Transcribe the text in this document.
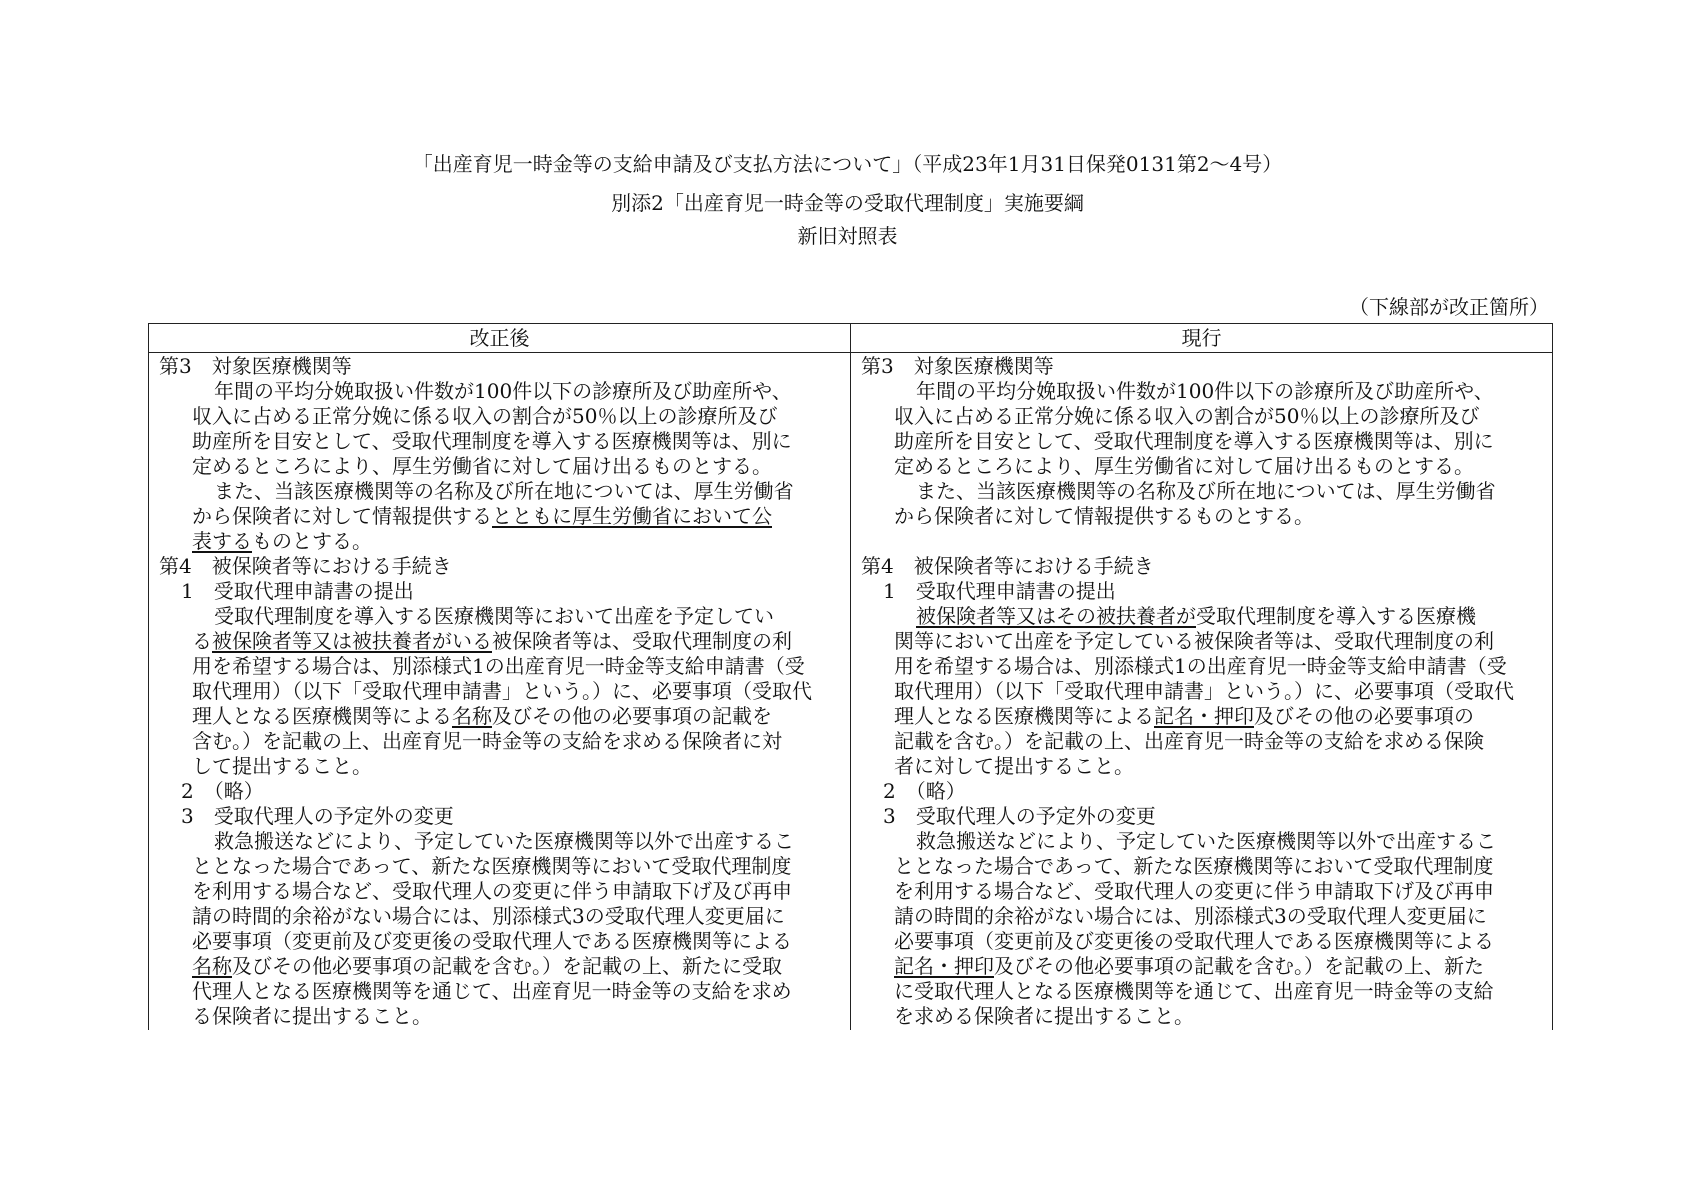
「出産育児一時金等の支給申請及び支払方法について」（平成23年1月31日保発0131第2～4号）
別添2「出産育児一時金等の受取代理制度」実施要綱
新旧対照表
（下線部が改正箇所）
改正後	現行
第3　対象医療機関等
年間の平均分娩取扱い件数が100件以下の診療所及び助産所や、
収入に占める正常分娩に係る収入の割合が50％以上の診療所及び
助産所を目安として、受取代理制度を導入する医療機関等は、別に
定めるところにより、厚生労働省に対して届け出るものとする。
また、当該医療機関等の名称及び所在地については、厚生労働省
から保険者に対して情報提供するとともに厚生労働省において公
表するものとする。
第4　被保険者等における手続き
1　受取代理申請書の提出
受取代理制度を導入する医療機関等において出産を予定してい
る被保険者等又は被扶養者がいる被保険者等は、受取代理制度の利
用を希望する場合は、別添様式1の出産育児一時金等支給申請書（受
取代理用）（以下「受取代理申請書」という。）に、必要事項（受取代
理人となる医療機関等による名称及びその他の必要事項の記載を
含む。）を記載の上、出産育児一時金等の支給を求める保険者に対
して提出すること。
2　（略）
3　受取代理人の予定外の変更
救急搬送などにより、予定していた医療機関等以外で出産するこ
ととなった場合であって、新たな医療機関等において受取代理制度
を利用する場合など、受取代理人の変更に伴う申請取下げ及び再申
請の時間的余裕がない場合には、別添様式3の受取代理人変更届に
必要事項（変更前及び変更後の受取代理人である医療機関等による
名称及びその他必要事項の記載を含む。）を記載の上、新たに受取
代理人となる医療機関等を通じて、出産育児一時金等の支給を求め
る保険者に提出すること。
第3　対象医療機関等
年間の平均分娩取扱い件数が100件以下の診療所及び助産所や、
収入に占める正常分娩に係る収入の割合が50％以上の診療所及び
助産所を目安として、受取代理制度を導入する医療機関等は、別に
定めるところにより、厚生労働省に対して届け出るものとする。
また、当該医療機関等の名称及び所在地については、厚生労働省
から保険者に対して情報提供するものとする。
第4　被保険者等における手続き
1　受取代理申請書の提出
被保険者等又はその被扶養者が受取代理制度を導入する医療機
関等において出産を予定している被保険者等は、受取代理制度の利
用を希望する場合は、別添様式1の出産育児一時金等支給申請書（受
取代理用）（以下「受取代理申請書」という。）に、必要事項（受取代
理人となる医療機関等による記名・押印及びその他の必要事項の
記載を含む。）を記載の上、出産育児一時金等の支給を求める保険
者に対して提出すること。
2　（略）
3　受取代理人の予定外の変更
救急搬送などにより、予定していた医療機関等以外で出産するこ
ととなった場合であって、新たな医療機関等において受取代理制度
を利用する場合など、受取代理人の変更に伴う申請取下げ及び再申
請の時間的余裕がない場合には、別添様式3の受取代理人変更届に
必要事項（変更前及び変更後の受取代理人である医療機関等による
記名・押印及びその他必要事項の記載を含む。）を記載の上、新た
に受取代理人となる医療機関等を通じて、出産育児一時金等の支給
を求める保険者に提出すること。
